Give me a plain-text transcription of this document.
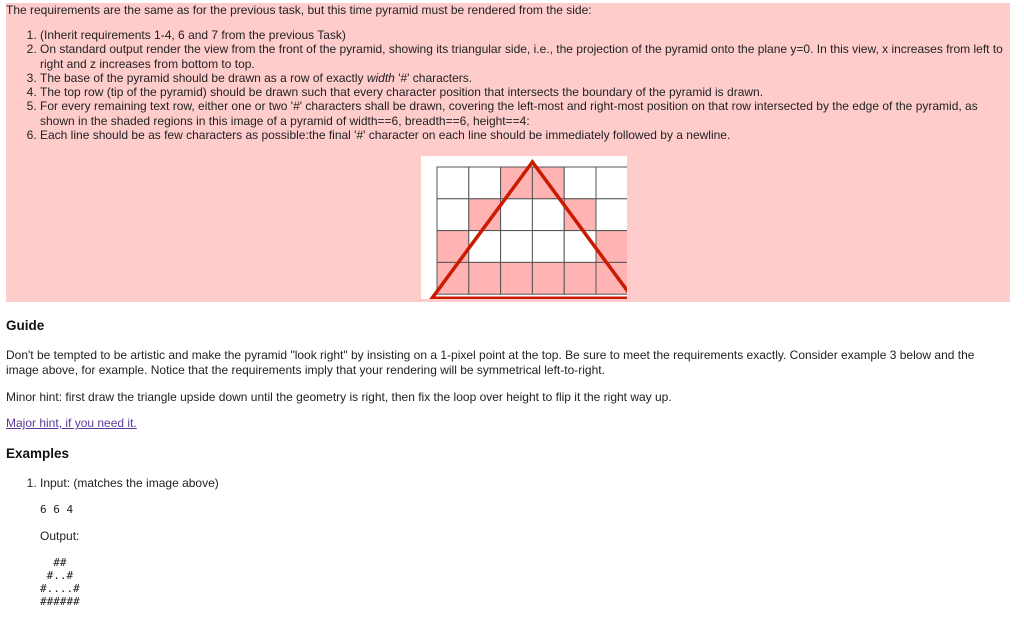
The requirements are the same as for the previous task, but this time pyramid must be rendered from the side:
1. (Inherit requirements 1-4, 6 and 7 from the previous Task)
2. On standard output render the view from the front of the pyramid, showing its triangular side, i.e., the projection of the pyramid onto the plane y=0. In this view, x increases from left to right and z increases from bottom to top.
3. The base of the pyramid should be drawn as a row of exactly width '#' characters.
4. The top row (tip of the pyramid) should be drawn such that every character position that intersects the boundary of the pyramid is drawn.
5. For every remaining text row, either one or two '#' characters shall be drawn, covering the left-most and right-most position on that row intersected by the edge of the pyramid, as shown in the shaded regions in this image of a pyramid of width==6, breadth==6, height==4:
6. Each line should be as few characters as possible:the final '#' character on each line should be immediately followed by a newline.
Guide
Don't be tempted to be artistic and make the pyramid "look right" by insisting on a 1-pixel point at the top. Be sure to meet the requirements exactly. Consider example 3 below and the image above, for example. Notice that the requirements imply that your rendering will be symmetrical left-to-right.
Minor hint: first draw the triangle upside down until the geometry is right, then fix the loop over height to flip it the right way up.
Major hint, if you need it.
Examples
1. Input: (matches the image above)
6 6 4
Output:
##
#..#
#....#
######
